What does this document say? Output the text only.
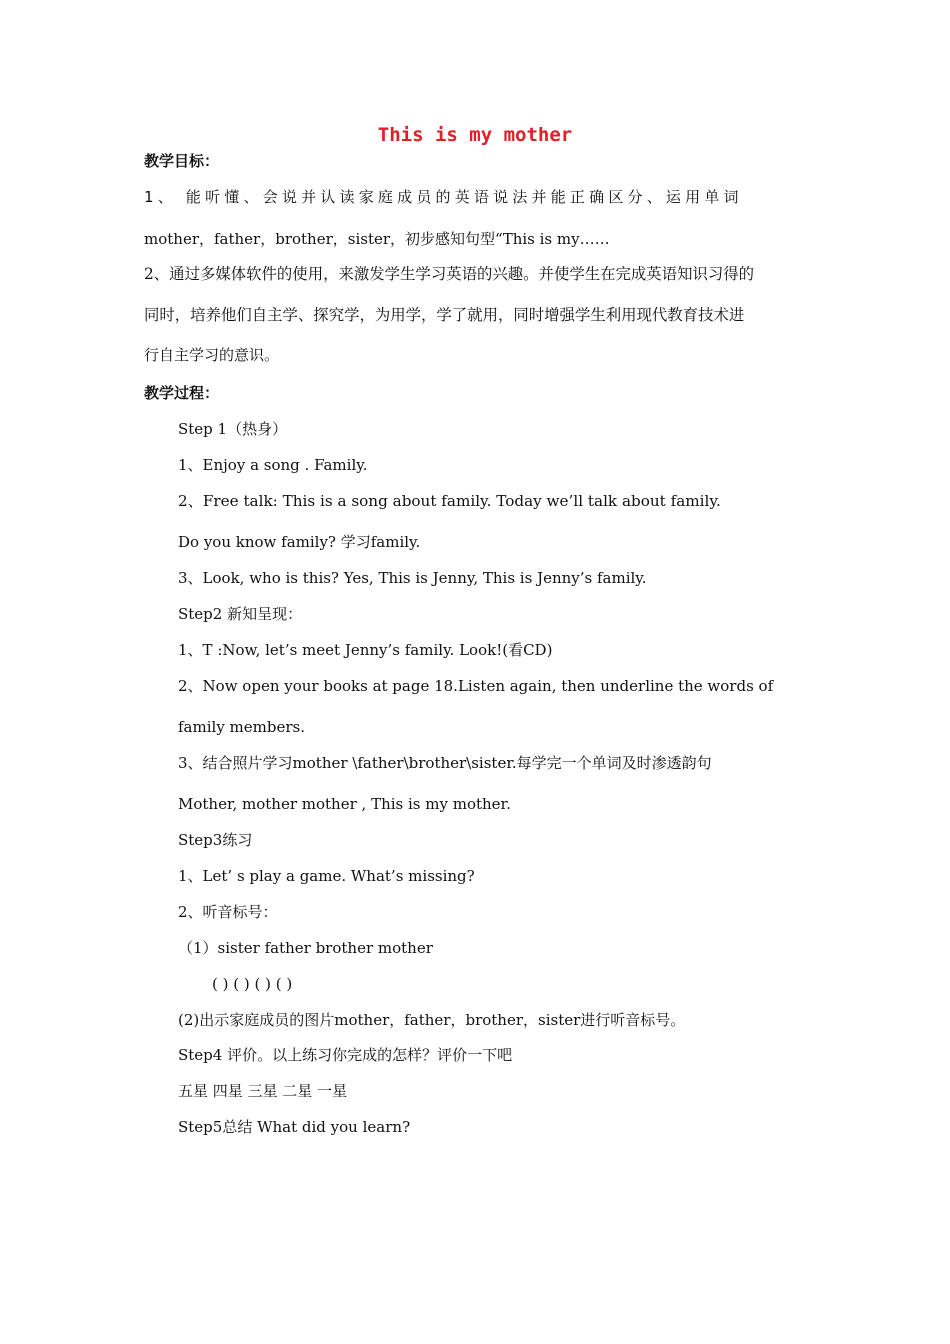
This is my mother
教学目标：
1、 能听懂、会说并认读家庭成员的英语说法并能正确区分、运用单词
mother，father，brother，sister，初步感知句型“This is my……
2、通过多媒体软件的使用，来激发学生学习英语的兴趣。并使学生在完成英语知识习得的
同时，培养他们自主学、探究学，为用学，学了就用，同时增强学生利用现代教育技术进
行自主学习的意识。
教学过程：
Step 1（热身）
1、Enjoy a song . Family.
2、Free talk: This is a song about family. Today we’ll talk about family.
Do you know family? 学习family.
3、Look, who is this? Yes, This is Jenny, This is Jenny’s family.
Step2 新知呈现：
1、T :Now, let’s meet Jenny’s family. Look!(看CD)
2、Now open your books at page 18.Listen again, then underline the words of
family members.
3、结合照片学习mother \father\brother\sister.每学完一个单词及时渗透韵句
Mother, mother mother , This is my mother.
Step3练习
1、Let’ s play a game. What’s missing?
2、听音标号：
（1）sister father brother mother
( ) ( ) ( ) ( )
(2)出示家庭成员的图片mother，father，brother，sister进行听音标号。
Step4 评价。以上练习你完成的怎样？评价一下吧
五星 四星 三星 二星 一星
Step5总结 What did you learn?
